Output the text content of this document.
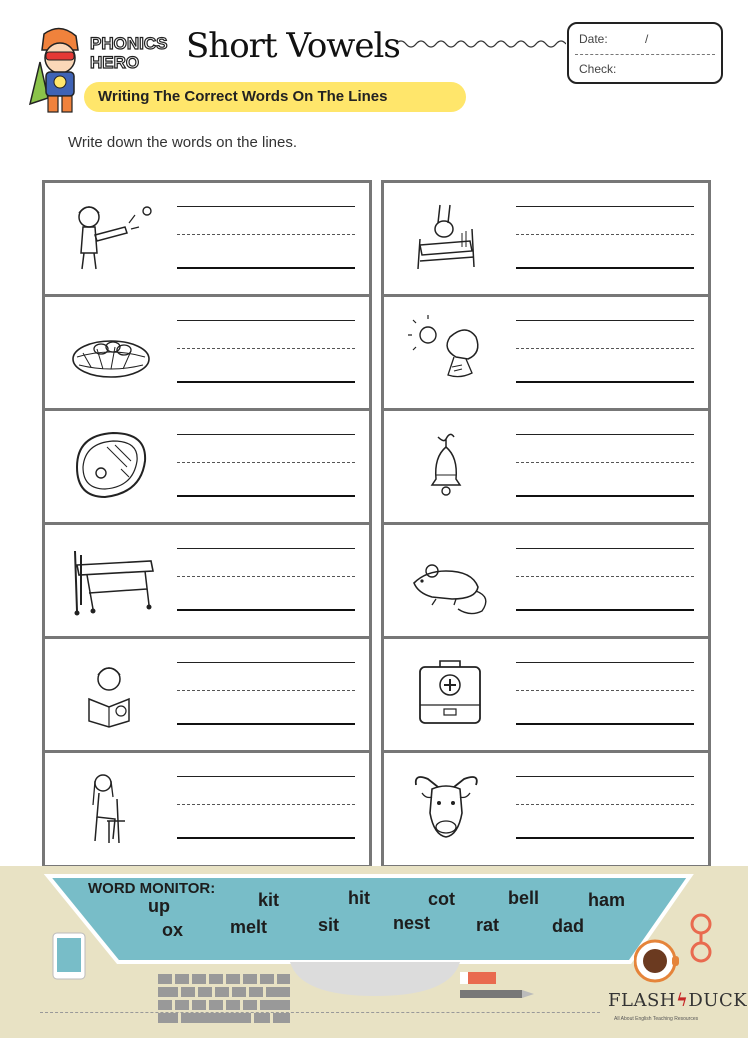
PHONICS
HERO Short Vowels	Date:	/
Check:
Writing The Correct Words On The Lines
Write down the words on the lines.
WORD MONITOR:
up	kit	hit	cot	bell	ham
ox	melt	sit	nest	rat	dad
FLASHϟDUCK
All About English Teaching Resources
